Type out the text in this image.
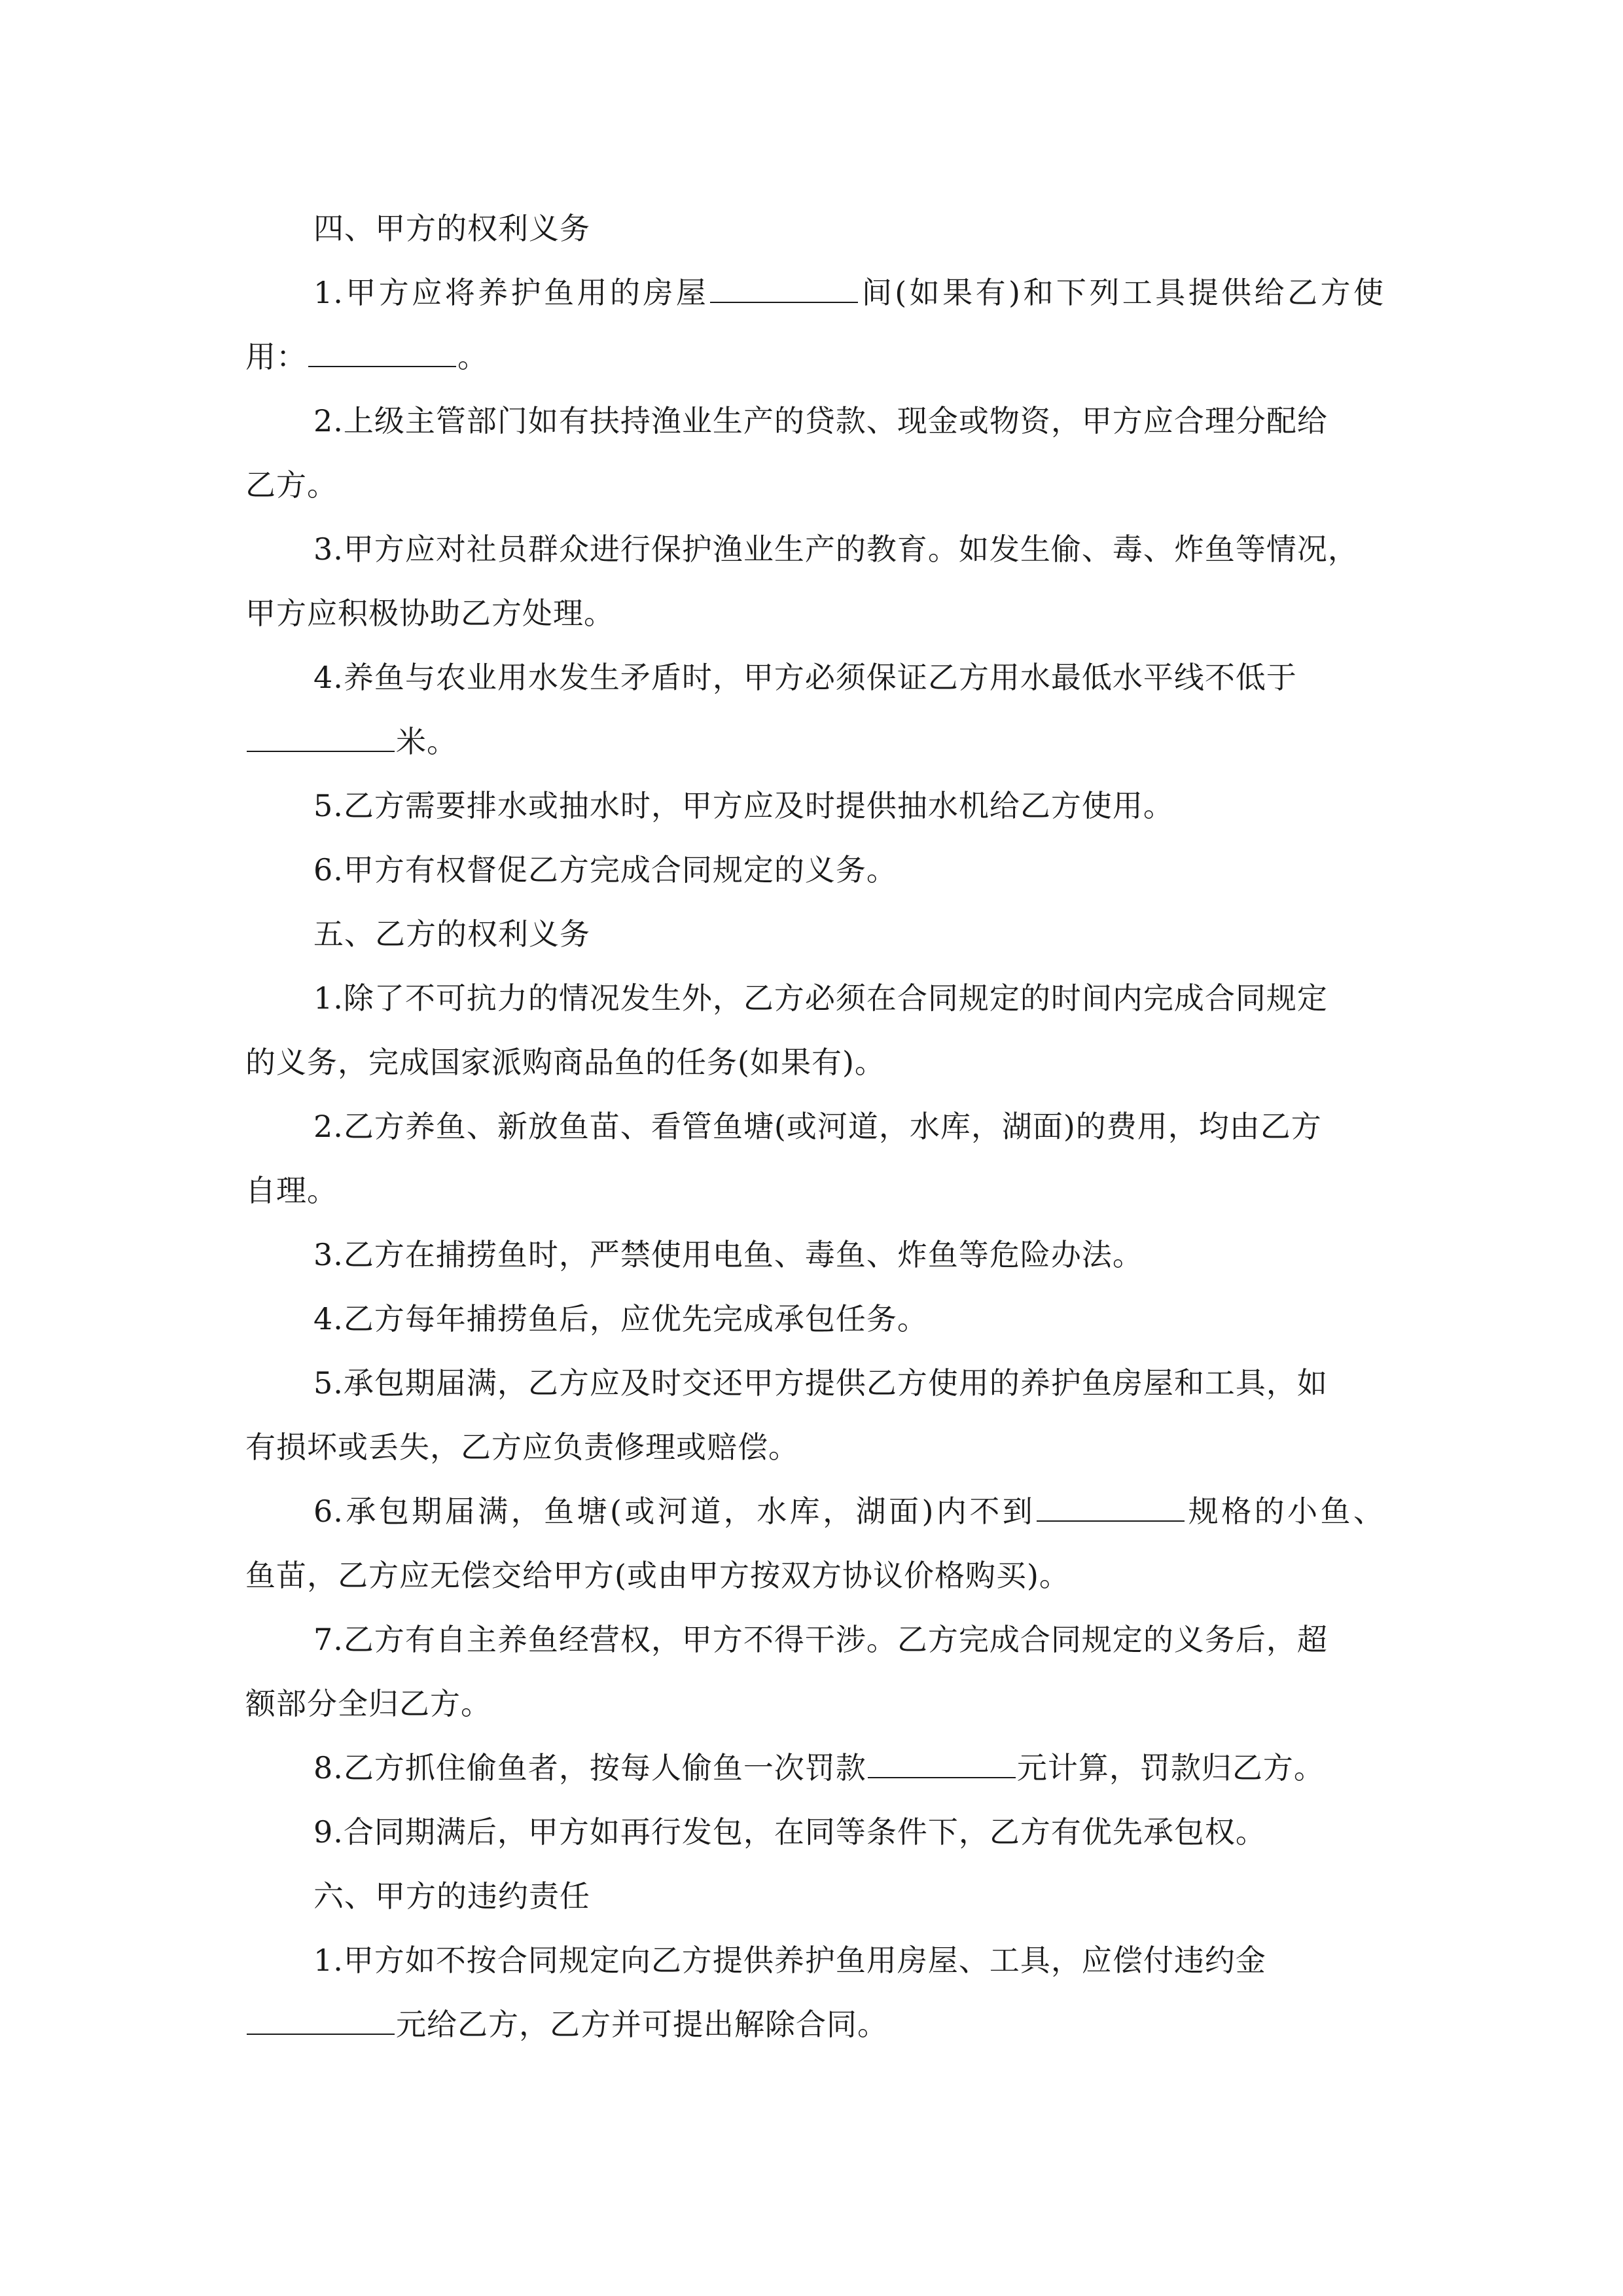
四、甲方的权利义务
1.甲方应将养护鱼用的房屋	间(如果有)和下列工具提供给乙方使
用：	。
2.上级主管部门如有扶持渔业生产的贷款、现金或物资，甲方应合理分配给
乙方。
3.甲方应对社员群众进行保护渔业生产的教育。如发生偷、毒、炸鱼等情况，
甲方应积极协助乙方处理。
4.养鱼与农业用水发生矛盾时，甲方必须保证乙方用水最低水平线不低于
米。
5.乙方需要排水或抽水时，甲方应及时提供抽水机给乙方使用。
6.甲方有权督促乙方完成合同规定的义务。
五、乙方的权利义务
1.除了不可抗力的情况发生外，乙方必须在合同规定的时间内完成合同规定
的义务，完成国家派购商品鱼的任务(如果有)。
2.乙方养鱼、新放鱼苗、看管鱼塘(或河道，水库，湖面)的费用，均由乙方
自理。
3.乙方在捕捞鱼时，严禁使用电鱼、毒鱼、炸鱼等危险办法。
4.乙方每年捕捞鱼后，应优先完成承包任务。
5.承包期届满，乙方应及时交还甲方提供乙方使用的养护鱼房屋和工具，如
有损坏或丢失，乙方应负责修理或赔偿。
6.承包期届满，鱼塘(或河道，水库，湖面)内不到	规格的小鱼、
鱼苗，乙方应无偿交给甲方(或由甲方按双方协议价格购买)。
7.乙方有自主养鱼经营权，甲方不得干涉。乙方完成合同规定的义务后，超
额部分全归乙方。
8.乙方抓住偷鱼者，按每人偷鱼一次罚款	元计算，罚款归乙方。
9.合同期满后，甲方如再行发包，在同等条件下，乙方有优先承包权。
六、甲方的违约责任
1.甲方如不按合同规定向乙方提供养护鱼用房屋、工具，应偿付违约金
元给乙方，乙方并可提出解除合同。
